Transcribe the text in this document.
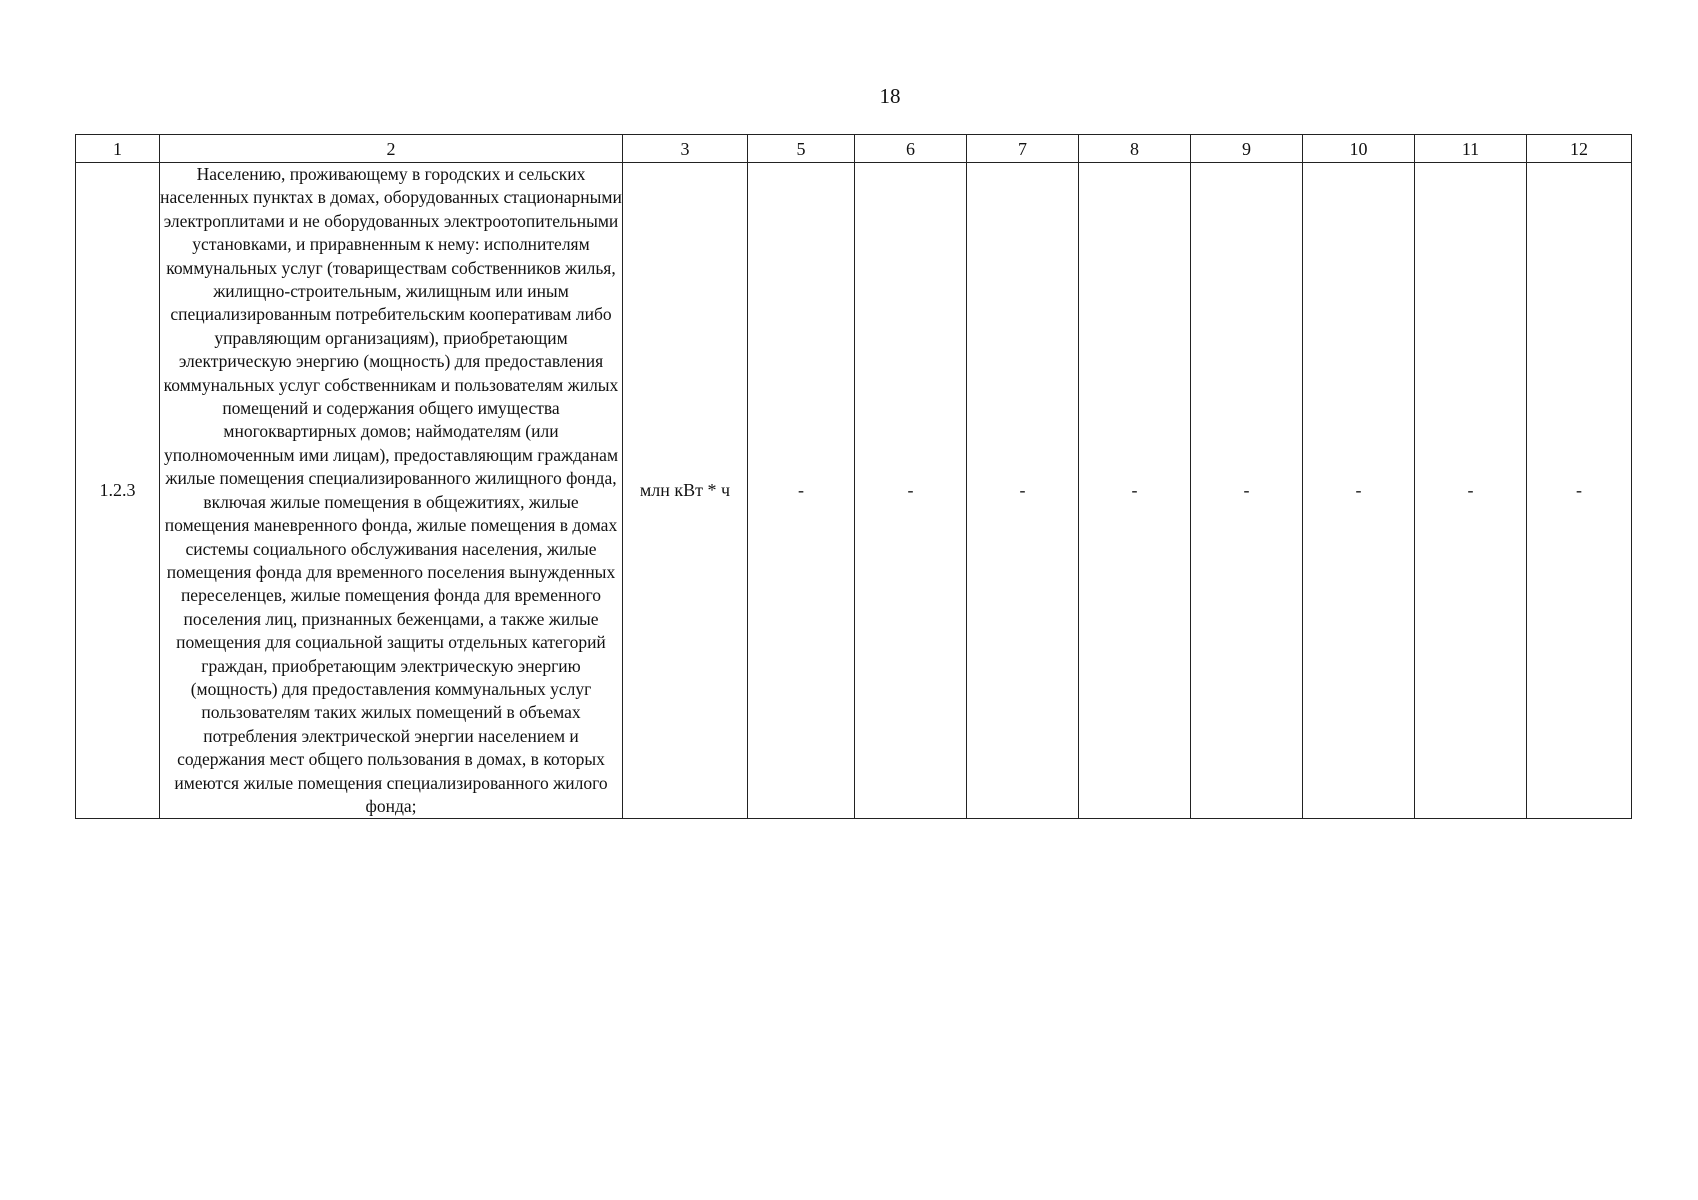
18
1	2	3	5	6	7	8	9	10	11	12
1.2.3	Населению, проживающему в городских и сельских населенных пунктах в домах, оборудованных стационарными электроплитами и не оборудованных электроотопительными установками, и приравненным к нему: исполнителям коммунальных услуг (товариществам собственников жилья, жилищно-строительным, жилищным или иным специализированным потребительским кооперативам либо управляющим организациям), приобретающим электрическую энергию (мощность) для предоставления коммунальных услуг собственникам и пользователям жилых помещений и содержания общего имущества многоквартирных домов; наймодателям (или уполномоченным ими лицам), предоставляющим гражданам жилые помещения специализированного жилищного фонда, включая жилые помещения в общежитиях, жилые помещения маневренного фонда, жилые помещения в домах системы социального обслуживания населения, жилые помещения фонда для временного поселения вынужденных переселенцев, жилые помещения фонда для временного поселения лиц, признанных беженцами, а также жилые помещения для социальной защиты отдельных категорий граждан, приобретающим электрическую энергию (мощность) для предоставления коммунальных услуг пользователям таких жилых помещений в объемах потребления электрической энергии населением и содержания мест общего пользования в домах, в которых имеются жилые помещения специализированного жилого фонда;	млн кВт * ч	-	-	-	-	-	-	-	-
